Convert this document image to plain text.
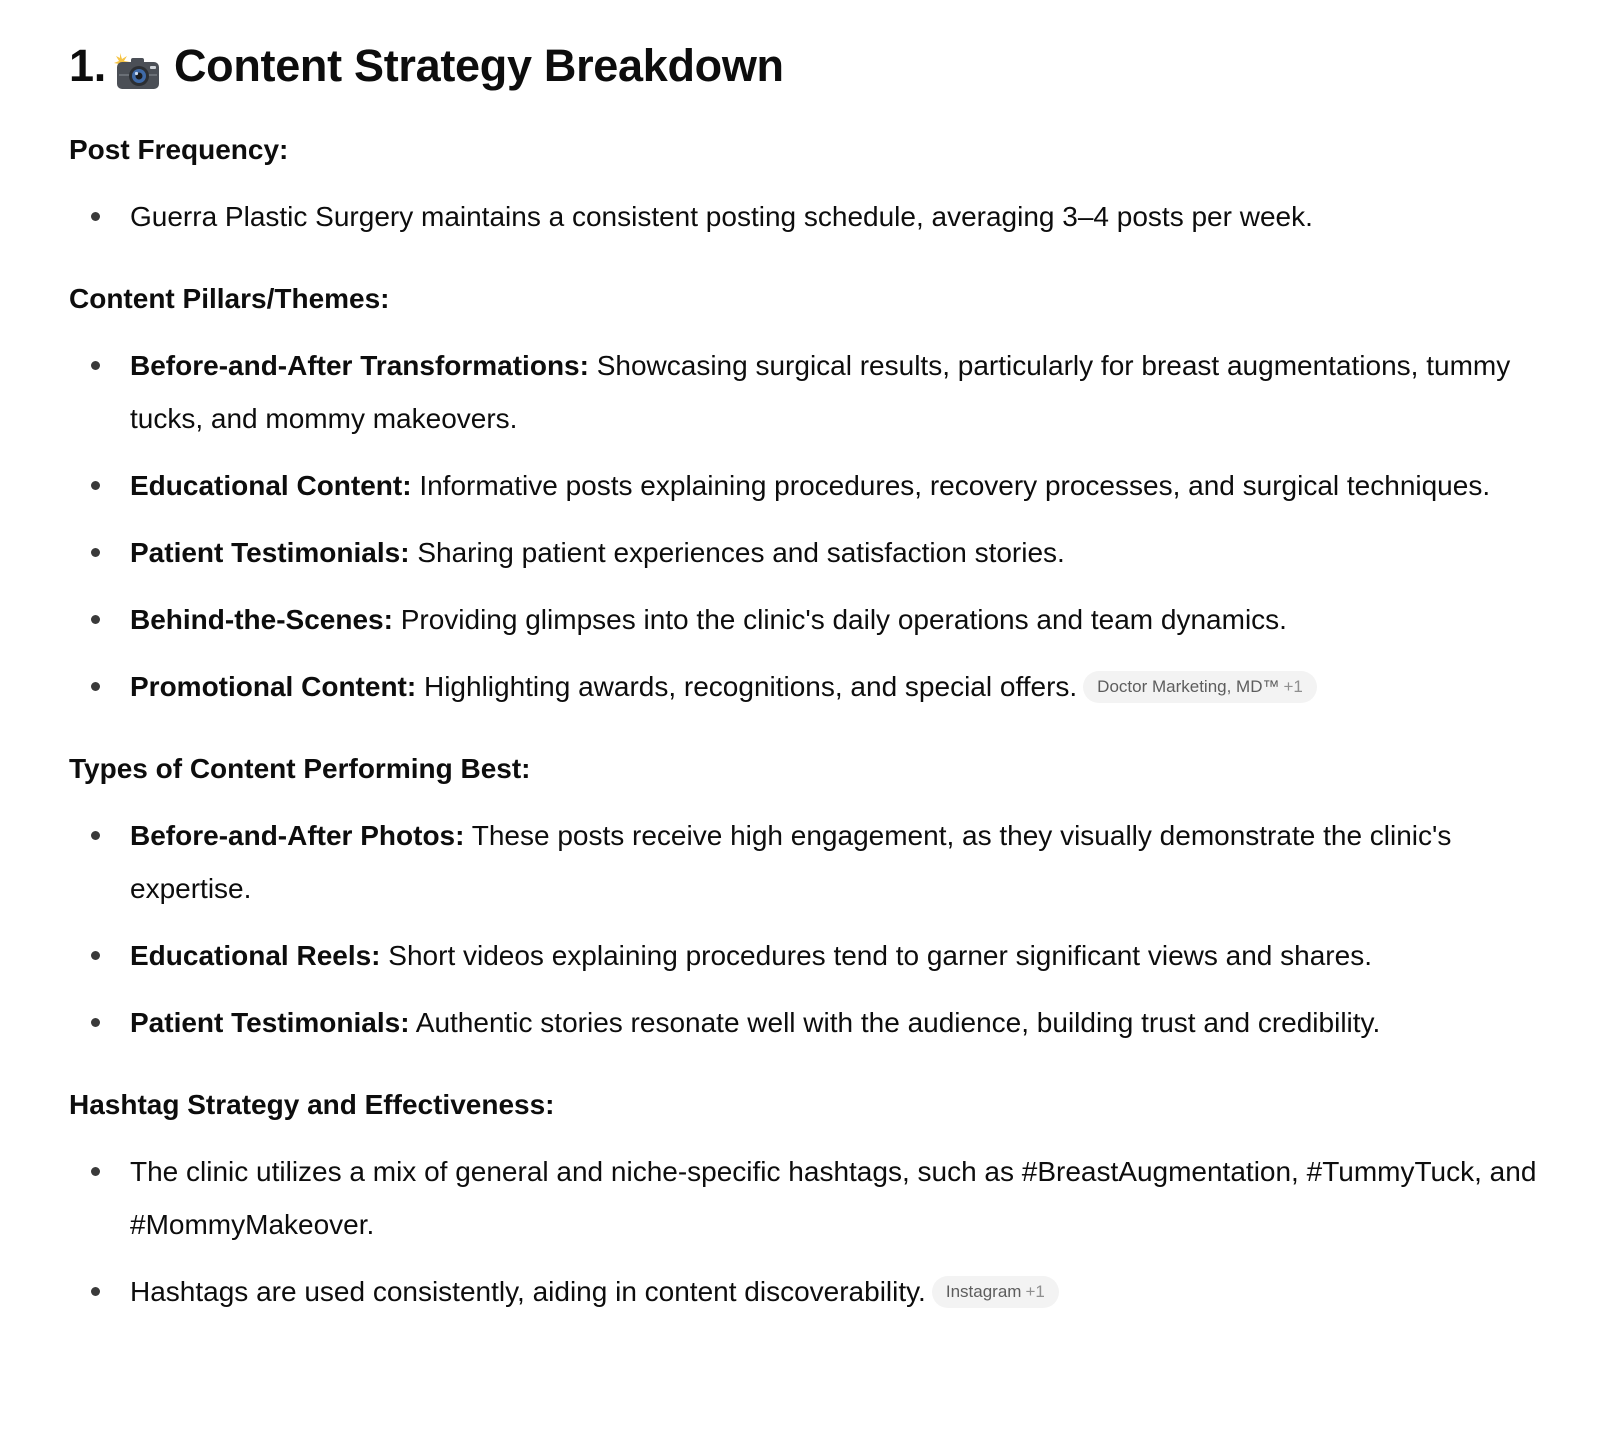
1. Content Strategy Breakdown
Post Frequency:
Guerra Plastic Surgery maintains a consistent posting schedule, averaging 3–4 posts per week.
Content Pillars/Themes:
Before-and-After Transformations: Showcasing surgical results, particularly for breast augmentations, tummy tucks, and mommy makeovers.
Educational Content: Informative posts explaining procedures, recovery processes, and surgical techniques.
Patient Testimonials: Sharing patient experiences and satisfaction stories.
Behind-the-Scenes: Providing glimpses into the clinic's daily operations and team dynamics.
Promotional Content: Highlighting awards, recognitions, and special offers. Doctor Marketing, MD™ +1
Types of Content Performing Best:
Before-and-After Photos: These posts receive high engagement, as they visually demonstrate the clinic's expertise.
Educational Reels: Short videos explaining procedures tend to garner significant views and shares.
Patient Testimonials: Authentic stories resonate well with the audience, building trust and credibility.
Hashtag Strategy and Effectiveness:
The clinic utilizes a mix of general and niche-specific hashtags, such as #BreastAugmentation, #TummyTuck, and #MommyMakeover.
Hashtags are used consistently, aiding in content discoverability. Instagram +1
